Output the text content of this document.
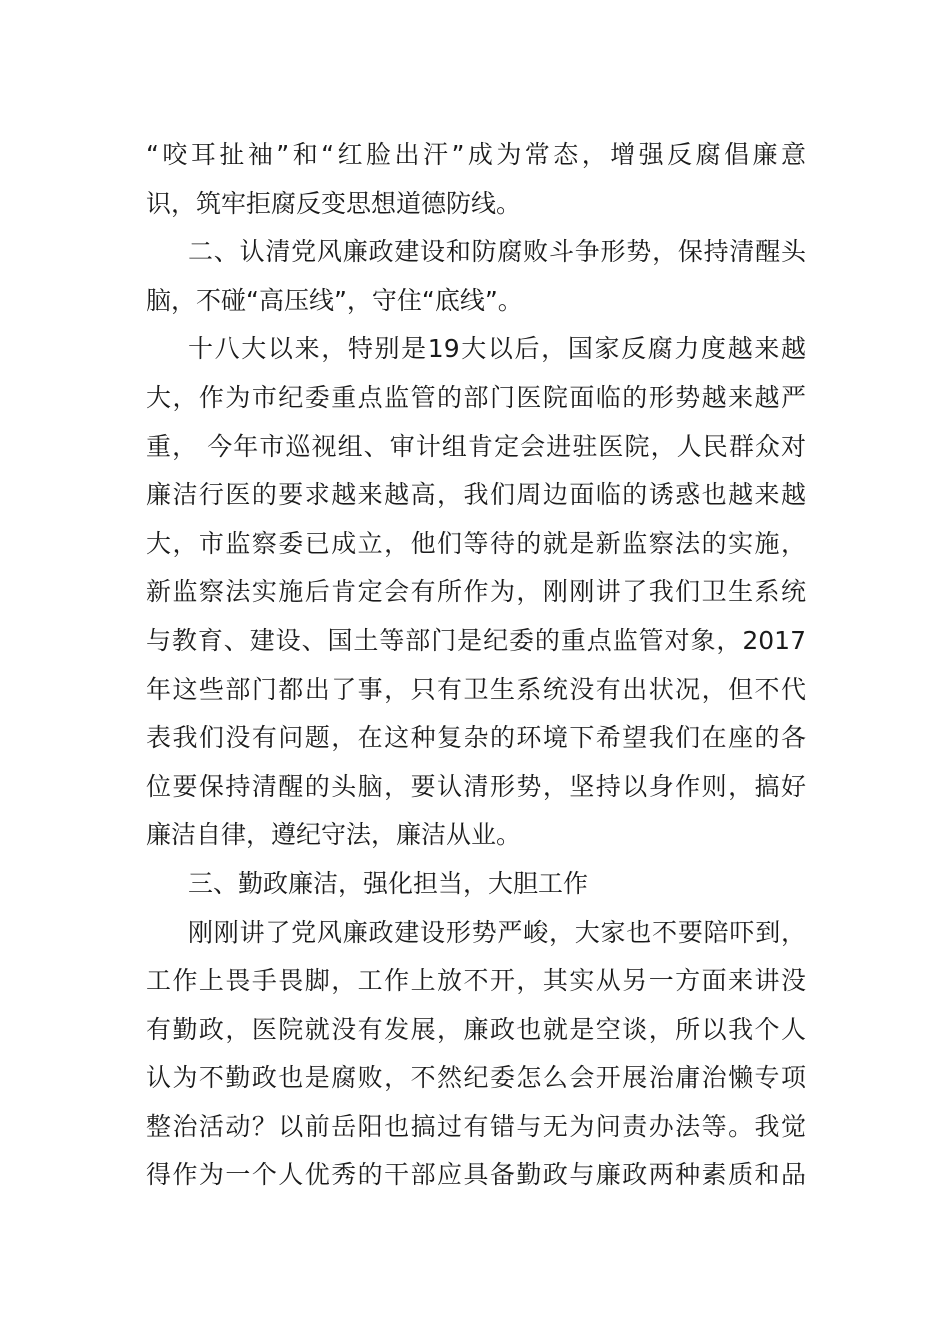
“咬耳扯袖”和“红脸出汗”成为常态，增强反腐倡廉意
识，筑牢拒腐反变思想道德防线。
二、认清党风廉政建设和防腐败斗争形势，保持清醒头
脑，不碰“高压线”，守住“底线”。
十八大以来，特别是19大以后，国家反腐力度越来越
大，作为市纪委重点监管的部门医院面临的形势越来越严
重， 今年市巡视组、审计组肯定会进驻医院，人民群众对
廉洁行医的要求越来越高，我们周边面临的诱惑也越来越
大，市监察委已成立，他们等待的就是新监察法的实施，
新监察法实施后肯定会有所作为，刚刚讲了我们卫生系统
与教育、建设、国土等部门是纪委的重点监管对象，2017
年这些部门都出了事，只有卫生系统没有出状况，但不代
表我们没有问题，在这种复杂的环境下希望我们在座的各
位要保持清醒的头脑，要认清形势，坚持以身作则，搞好
廉洁自律，遵纪守法，廉洁从业。
三、勤政廉洁，强化担当，大胆工作
刚刚讲了党风廉政建设形势严峻，大家也不要陪吓到，
工作上畏手畏脚，工作上放不开，其实从另一方面来讲没
有勤政，医院就没有发展，廉政也就是空谈，所以我个人
认为不勤政也是腐败，不然纪委怎么会开展治庸治懒专项
整治活动？以前岳阳也搞过有错与无为问责办法等。我觉
得作为一个人优秀的干部应具备勤政与廉政两种素质和品
